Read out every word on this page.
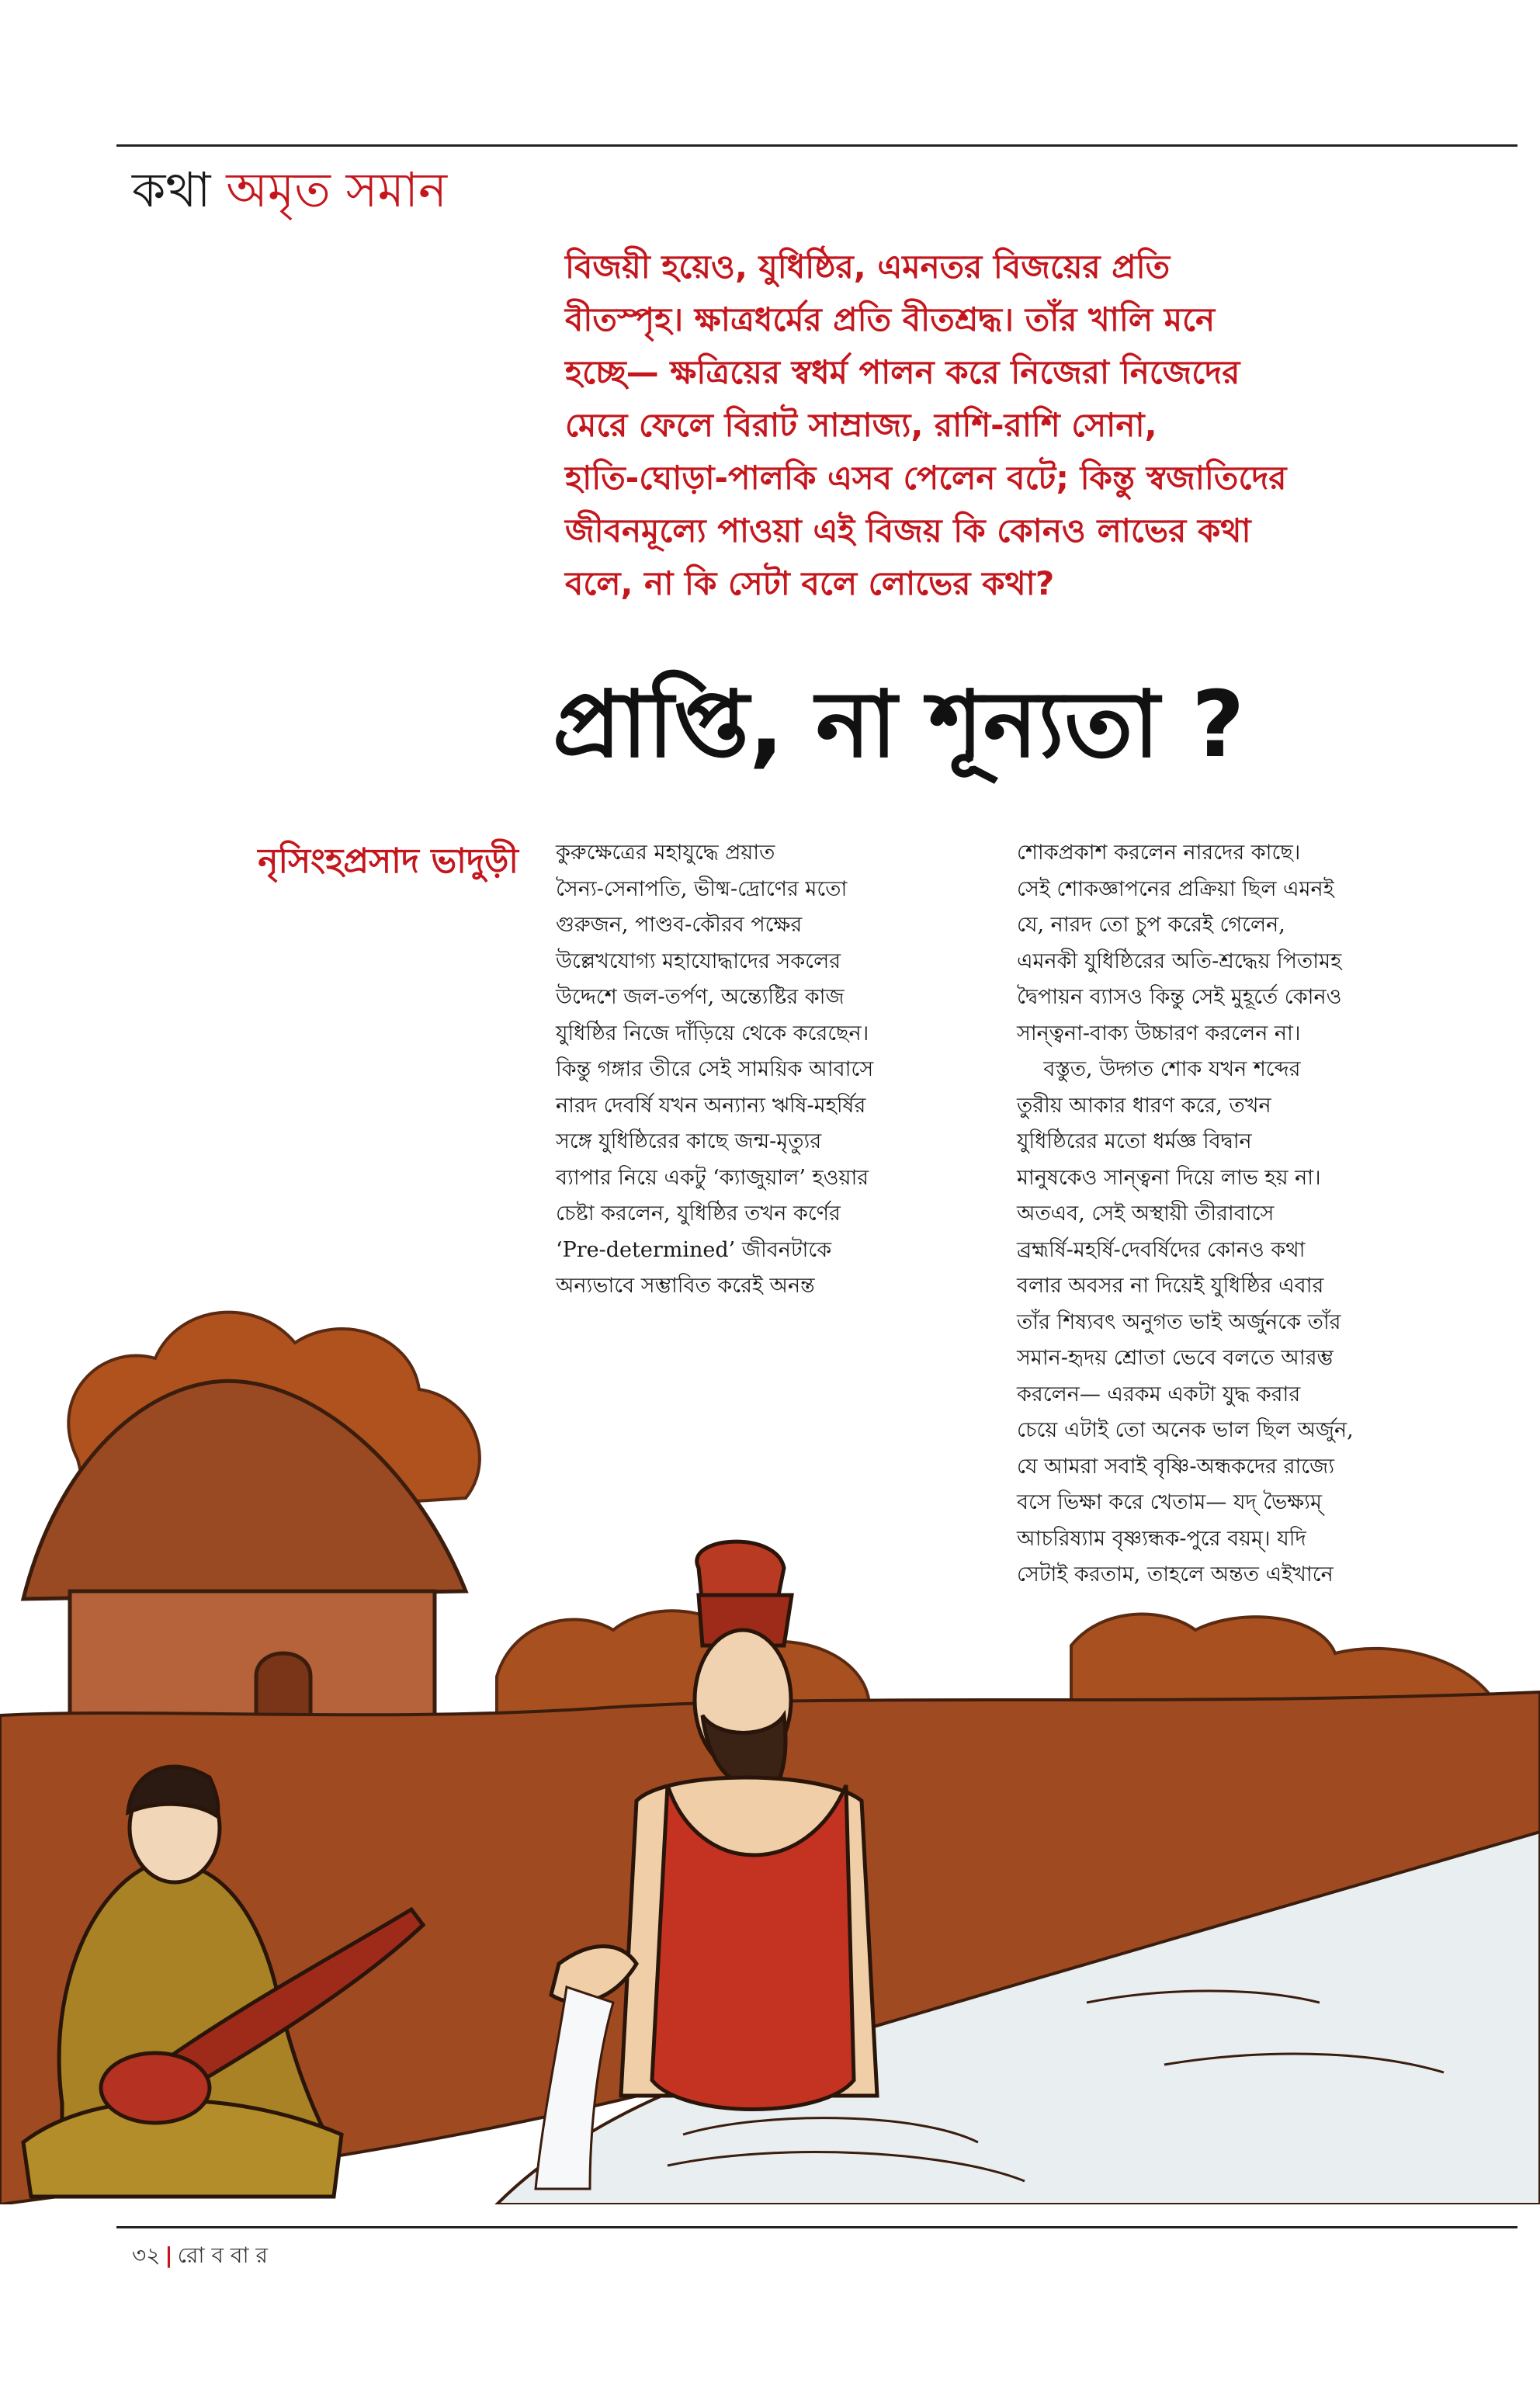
কথা অমৃত সমান

বিজয়ী হয়েও, যুধিষ্ঠির, এমনতর বিজয়ের প্রতি

বীতস্পৃহ। ক্ষাত্রধর্মের প্রতি বীতশ্রদ্ধ। তাঁর খালি মনে

হচ্ছে— ক্ষত্রিয়ের স্বধর্ম পালন করে নিজেরা নিজেদের

মেরে ফেলে বিরাট সাম্রাজ্য, রাশি-রাশি সোনা,

হাতি-ঘোড়া-পালকি এসব পেলেন বটে; কিন্তু স্বজাতিদের

জীবনমূল্যে পাওয়া এই বিজয় কি কোনও লাভের কথা

বলে, না কি সেটা বলে লোভের কথা?

প্রাপ্তি, না শূন্যতা ?
নৃসিংহপ্রসাদ ভাদুড়ী কুরুক্ষেত্রের মহাযুদ্ধে প্রয়াত

সৈন্য-সেনাপতি, ভীষ্ম-দ্রোণের মতো

গুরুজন, পাণ্ডব-কৌরব পক্ষের

উল্লেখযোগ্য মহাযোদ্ধাদের সকলের

উদ্দেশে জল-তর্পণ, অন্ত্যেষ্টির কাজ

যুধিষ্ঠির নিজে দাঁড়িয়ে থেকে করেছেন।

কিন্তু গঙ্গার তীরে সেই সাময়িক আবাসে

নারদ দেবর্ষি যখন অন্যান্য ঋষি-মহর্ষির

সঙ্গে যুধিষ্ঠিরের কাছে জন্ম-মৃত্যুর

ব্যাপার নিয়ে একটু ‘ক্যাজুয়াল’ হওয়ার

চেষ্টা করলেন, যুধিষ্ঠির তখন কর্ণের

‘Pre-determined’ জীবনটাকে

অন্যভাবে সম্ভাবিত করেই অনন্ত

শোকপ্রকাশ করলেন নারদের কাছে।

সেই শোকজ্ঞাপনের প্রক্রিয়া ছিল এমনই

যে, নারদ তো চুপ করেই গেলেন,

এমনকী যুধিষ্ঠিরের অতি-শ্রদ্ধেয় পিতামহ

দ্বৈপায়ন ব্যাসও কিন্তু সেই মুহূর্তে কোনও

সান্ত্বনা-বাক্য উচ্চারণ করলেন না।

বস্তুত, উদ্গত শোক যখন শব্দের

তুরীয় আকার ধারণ করে, তখন

যুধিষ্ঠিরের মতো ধর্মজ্ঞ বিদ্বান

মানুষকেও সান্ত্বনা দিয়ে লাভ হয় না।

অতএব, সেই অস্থায়ী তীরাবাসে

ব্রহ্মর্ষি-মহর্ষি-দেবর্ষিদের কোনও কথা

বলার অবসর না দিয়েই যুধিষ্ঠির এবার

তাঁর শিষ্যবৎ অনুগত ভাই অর্জুনকে তাঁর

সমান-হৃদয় শ্রোতা ভেবে বলতে আরম্ভ

করলেন— এরকম একটা যুদ্ধ করার

চেয়ে এটাই তো অনেক ভাল ছিল অর্জুন,

যে আমরা সবাই বৃষ্ণি-অন্ধকদের রাজ্যে

বসে ভিক্ষা করে খেতাম— যদ্ ভৈক্ষ্যম্

আচরিষ্যাম বৃষ্ণ্যন্ধক-পুরে বয়ম্। যদি

সেটাই করতাম, তাহলে অন্তত এইখানে

৩২ | রো ব বা র
